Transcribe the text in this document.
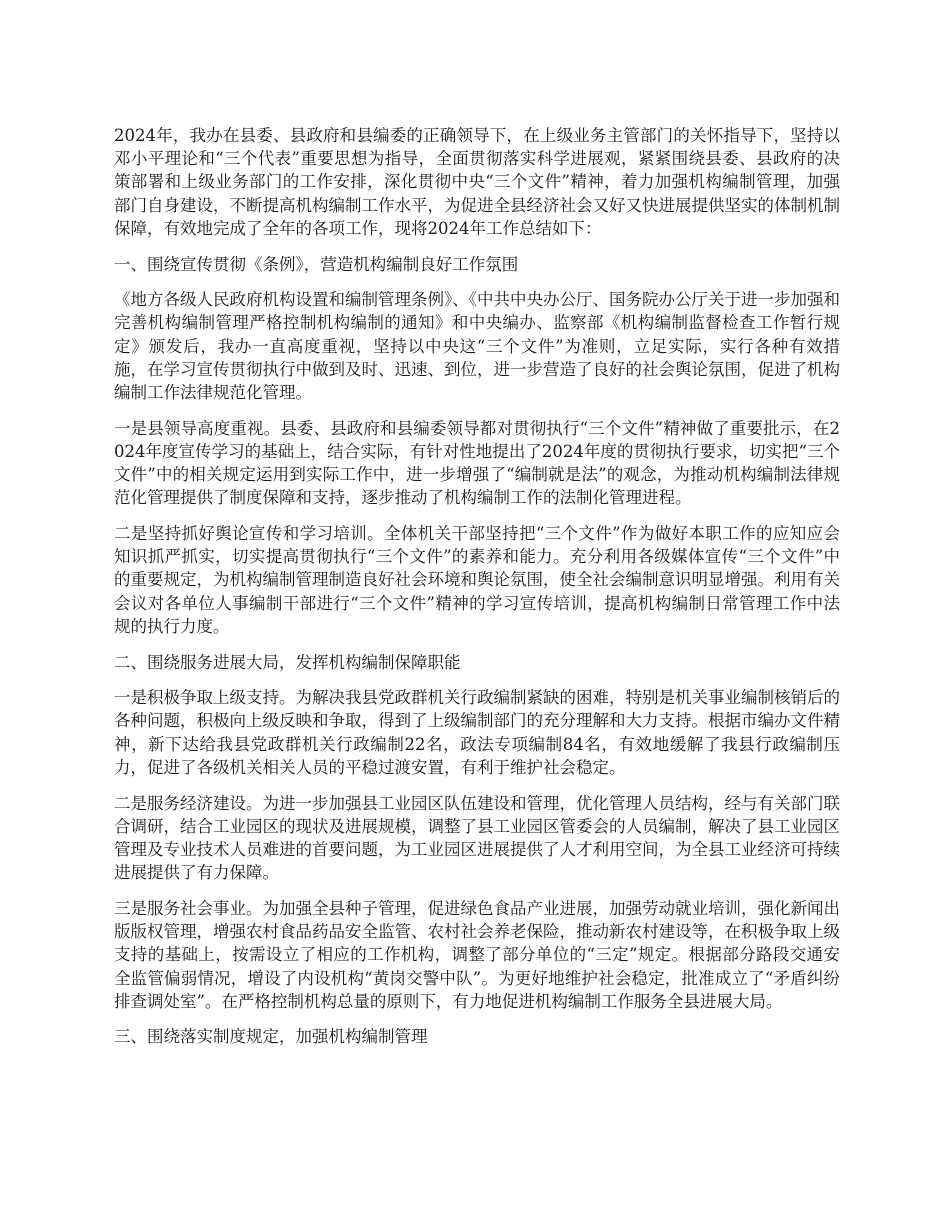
2024年，我办在县委、县政府和县编委的正确领导下，在上级业务主管部门的关怀指导下，坚持以邓小平理论和“三个代表”重要思想为指导，全面贯彻落实科学进展观，紧紧围绕县委、县政府的决策部署和上级业务部门的工作安排，深化贯彻中央“三个文件”精神，着力加强机构编制管理，加强部门自身建设，不断提高机构编制工作水平，为促进全县经济社会又好又快进展提供坚实的体制机制保障，有效地完成了全年的各项工作，现将2024年工作总结如下：

一、围绕宣传贯彻《条例》，营造机构编制良好工作氛围

《地方各级人民政府机构设置和编制管理条例》、《中共中央办公厅、国务院办公厅关于进一步加强和完善机构编制管理严格控制机构编制的通知》和中央编办、监察部《机构编制监督检查工作暂行规定》颁发后，我办一直高度重视，坚持以中央这“三个文件”为准则，立足实际，实行各种有效措施，在学习宣传贯彻执行中做到及时、迅速、到位，进一步营造了良好的社会舆论氛围，促进了机构编制工作法律规范化管理。

一是县领导高度重视。县委、县政府和县编委领导都对贯彻执行“三个文件”精神做了重要批示，在2024年度宣传学习的基础上，结合实际，有针对性地提出了2024年度的贯彻执行要求，切实把“三个文件”中的相关规定运用到实际工作中，进一步增强了“编制就是法”的观念，为推动机构编制法律规范化管理提供了制度保障和支持，逐步推动了机构编制工作的法制化管理进程。

二是坚持抓好舆论宣传和学习培训。全体机关干部坚持把“三个文件”作为做好本职工作的应知应会知识抓严抓实，切实提高贯彻执行“三个文件”的素养和能力。充分利用各级媒体宣传“三个文件”中的重要规定，为机构编制管理制造良好社会环境和舆论氛围，使全社会编制意识明显增强。利用有关会议对各单位人事编制干部进行“三个文件”精神的学习宣传培训，提高机构编制日常管理工作中法规的执行力度。

二、围绕服务进展大局，发挥机构编制保障职能

一是积极争取上级支持。为解决我县党政群机关行政编制紧缺的困难，特别是机关事业编制核销后的各种问题，积极向上级反映和争取，得到了上级编制部门的充分理解和大力支持。根据市编办文件精神，新下达给我县党政群机关行政编制22名，政法专项编制84名，有效地缓解了我县行政编制压力，促进了各级机关相关人员的平稳过渡安置，有利于维护社会稳定。

二是服务经济建设。为进一步加强县工业园区队伍建设和管理，优化管理人员结构，经与有关部门联合调研，结合工业园区的现状及进展规模，调整了县工业园区管委会的人员编制，解决了县工业园区管理及专业技术人员难进的首要问题，为工业园区进展提供了人才利用空间，为全县工业经济可持续进展提供了有力保障。

三是服务社会事业。为加强全县种子管理，促进绿色食品产业进展，加强劳动就业培训，强化新闻出版版权管理，增强农村食品药品安全监管、农村社会养老保险，推动新农村建设等，在积极争取上级支持的基础上，按需设立了相应的工作机构，调整了部分单位的“三定”规定。根据部分路段交通安全监管偏弱情况，增设了内设机构“黄岗交警中队”。为更好地维护社会稳定，批准成立了“矛盾纠纷排查调处室”。在严格控制机构总量的原则下，有力地促进机构编制工作服务全县进展大局。

三、围绕落实制度规定，加强机构编制管理
